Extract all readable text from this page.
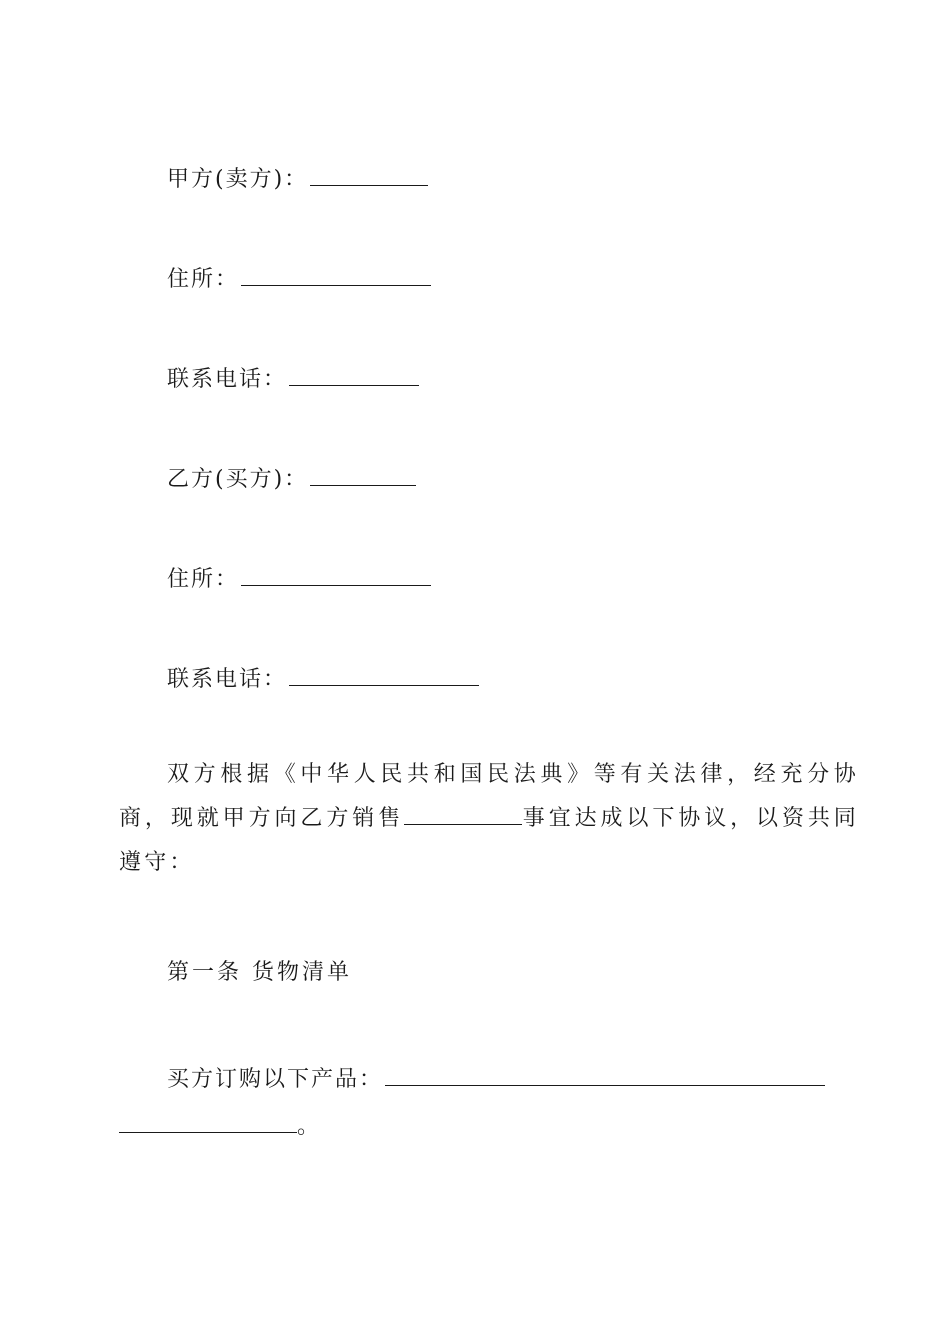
甲方(卖方)：
住所：
联系电话：
乙方(买方)：
住所：
联系电话：
双方根据《中华人民共和国民法典》等有关法律，经充分协商，现就甲方向乙方销售	事宜达成以下协议，以资共同遵守：
第一条 货物清单
买方订购以下产品：
。
